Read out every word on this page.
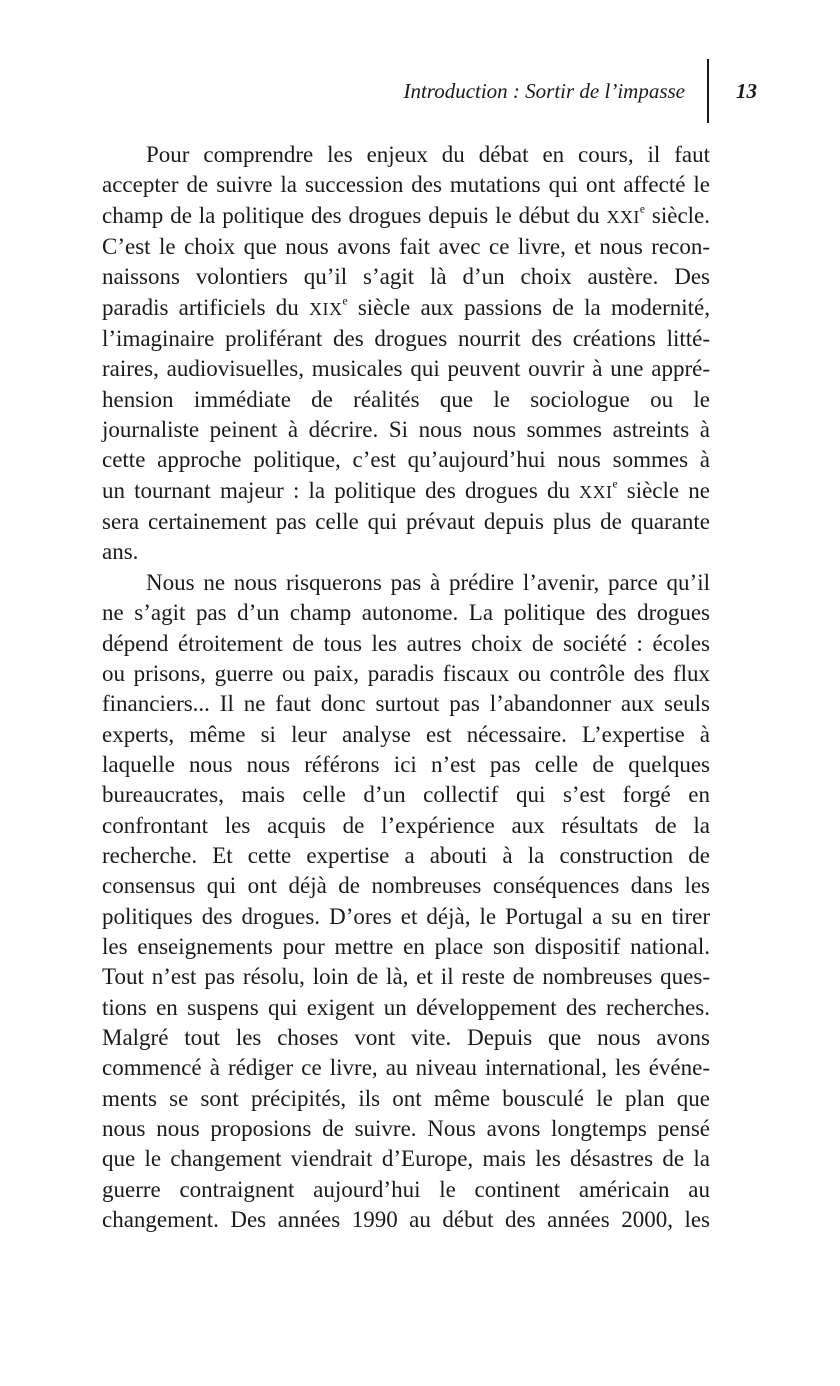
Introduction : Sortir de l’impasse 13

Pour comprendre les enjeux du débat en cours, il faut
accepter de suivre la succession des mutations qui ont affecté le
champ de la politique des drogues depuis le début du XXIe siècle.
C’est le choix que nous avons fait avec ce livre, et nous recon-
naissons volontiers qu’il s’agit là d’un choix austère. Des
paradis artificiels du XIXe siècle aux passions de la modernité,
l’imaginaire proliférant des drogues nourrit des créations litté-
raires, audiovisuelles, musicales qui peuvent ouvrir à une appré-
hension immédiate de réalités que le sociologue ou le
journaliste peinent à décrire. Si nous nous sommes astreints à
cette approche politique, c’est qu’aujourd’hui nous sommes à
un tournant majeur : la politique des drogues du XXIe siècle ne
sera certainement pas celle qui prévaut depuis plus de quarante
ans.

Nous ne nous risquerons pas à prédire l’avenir, parce qu’il
ne s’agit pas d’un champ autonome. La politique des drogues
dépend étroitement de tous les autres choix de société : écoles
ou prisons, guerre ou paix, paradis fiscaux ou contrôle des flux
financiers... Il ne faut donc surtout pas l’abandonner aux seuls
experts, même si leur analyse est nécessaire. L’expertise à
laquelle nous nous référons ici n’est pas celle de quelques
bureaucrates, mais celle d’un collectif qui s’est forgé en
confrontant les acquis de l’expérience aux résultats de la
recherche. Et cette expertise a abouti à la construction de
consensus qui ont déjà de nombreuses conséquences dans les
politiques des drogues. D’ores et déjà, le Portugal a su en tirer
les enseignements pour mettre en place son dispositif national.
Tout n’est pas résolu, loin de là, et il reste de nombreuses ques-
tions en suspens qui exigent un développement des recherches.
Malgré tout les choses vont vite. Depuis que nous avons
commencé à rédiger ce livre, au niveau international, les événe-
ments se sont précipités, ils ont même bousculé le plan que
nous nous proposions de suivre. Nous avons longtemps pensé
que le changement viendrait d’Europe, mais les désastres de la
guerre contraignent aujourd’hui le continent américain au
changement. Des années 1990 au début des années 2000, les
